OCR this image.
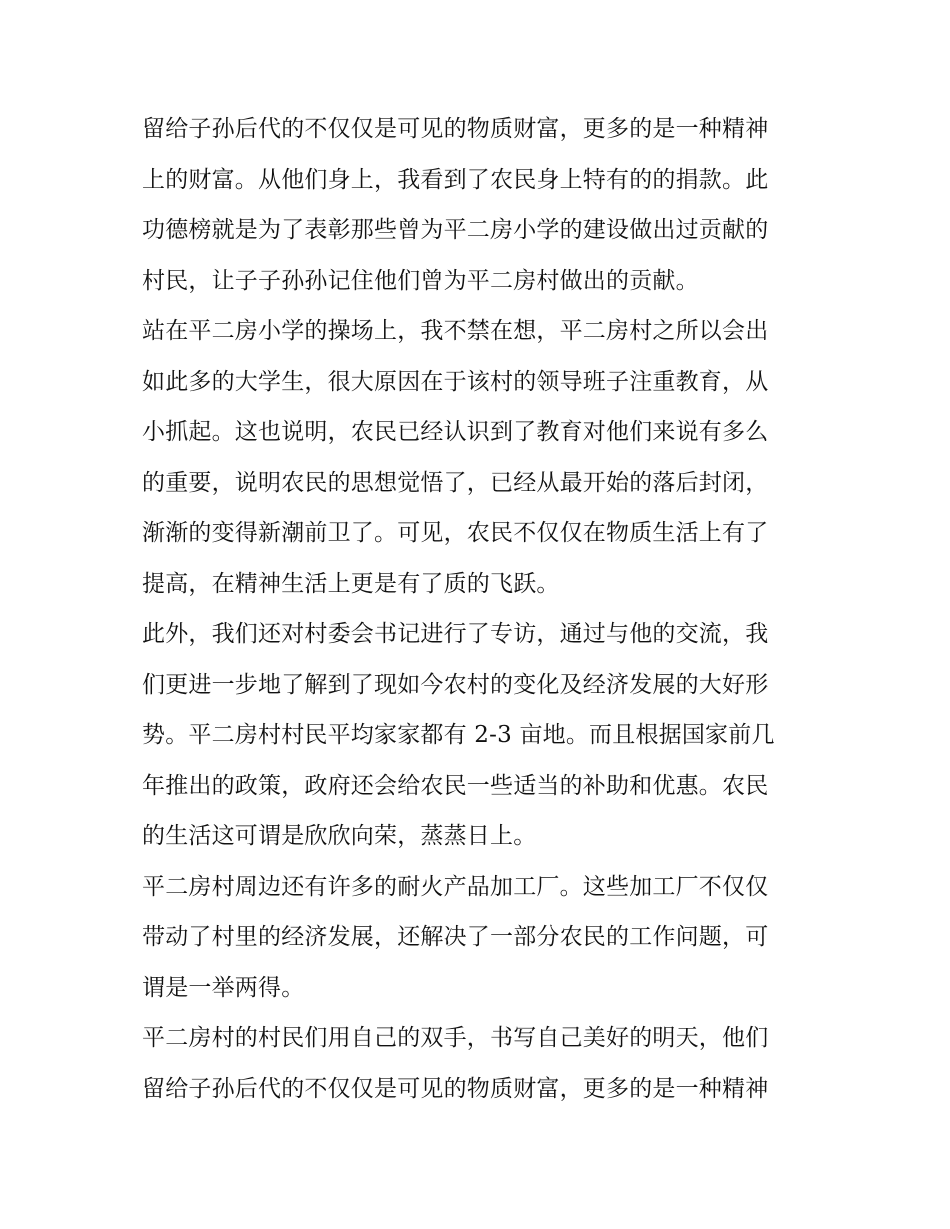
留给子孙后代的不仅仅是可见的物质财富，更多的是一种精神
上的财富。从他们身上，我看到了农民身上特有的的捐款。此
功德榜就是为了表彰那些曾为平二房小学的建设做出过贡献的
村民，让子子孙孙记住他们曾为平二房村做出的贡献。
站在平二房小学的操场上，我不禁在想，平二房村之所以会出
如此多的大学生，很大原因在于该村的领导班子注重教育，从
小抓起。这也说明，农民已经认识到了教育对他们来说有多么
的重要，说明农民的思想觉悟了，已经从最开始的落后封闭，
渐渐的变得新潮前卫了。可见，农民不仅仅在物质生活上有了
提高，在精神生活上更是有了质的飞跃。
此外，我们还对村委会书记进行了专访，通过与他的交流，我
们更进一步地了解到了现如今农村的变化及经济发展的大好形
势。平二房村村民平均家家都有 2-3 亩地。而且根据国家前几
年推出的政策，政府还会给农民一些适当的补助和优惠。农民
的生活这可谓是欣欣向荣，蒸蒸日上。
平二房村周边还有许多的耐火产品加工厂。这些加工厂不仅仅
带动了村里的经济发展，还解决了一部分农民的工作问题，可
谓是一举两得。
平二房村的村民们用自己的双手，书写自己美好的明天，他们
留给子孙后代的不仅仅是可见的物质财富，更多的是一种精神
